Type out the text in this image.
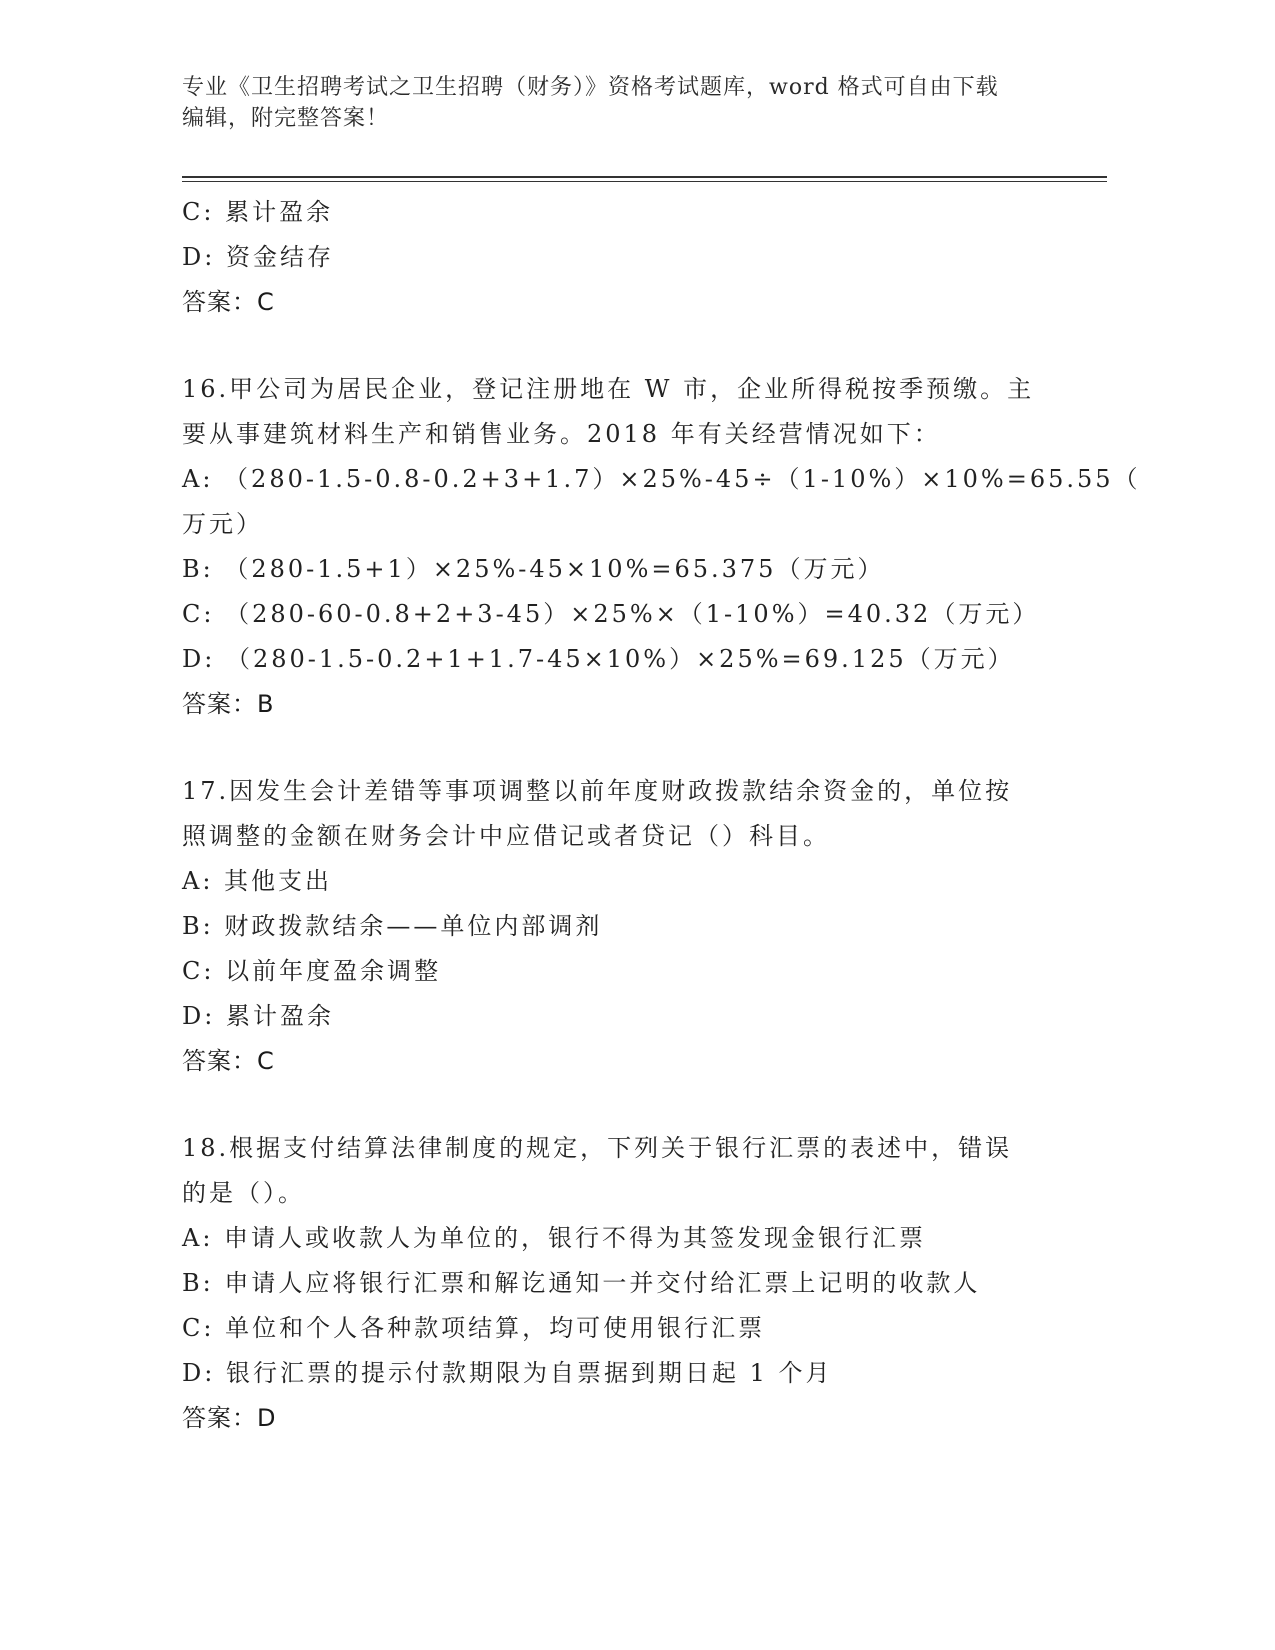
专业《卫生招聘考试之卫生招聘（财务）》资格考试题库，word 格式可自由下载
编辑，附完整答案！
C: 累计盈余
D: 资金结存
答案：C
16.甲公司为居民企业，登记注册地在 W 市，企业所得税按季预缴。主
要从事建筑材料生产和销售业务。2018 年有关经营情况如下：
A: （280-1.5-0.8-0.2+3+1.7）×25%-45÷（1-10%）×10%=65.55（
万元）
B: （280-1.5+1）×25%-45×10%=65.375（万元）
C: （280-60-0.8+2+3-45）×25%×（1-10%）=40.32（万元）
D: （280-1.5-0.2+1+1.7-45×10%）×25%=69.125（万元）
答案：B
17.因发生会计差错等事项调整以前年度财政拨款结余资金的，单位按
照调整的金额在财务会计中应借记或者贷记（）科目。
A: 其他支出
B: 财政拨款结余——单位内部调剂
C: 以前年度盈余调整
D: 累计盈余
答案：C
18.根据支付结算法律制度的规定，下列关于银行汇票的表述中，错误
的是（）。
A: 申请人或收款人为单位的，银行不得为其签发现金银行汇票
B: 申请人应将银行汇票和解讫通知一并交付给汇票上记明的收款人
C: 单位和个人各种款项结算，均可使用银行汇票
D: 银行汇票的提示付款期限为自票据到期日起 1 个月
答案：D
